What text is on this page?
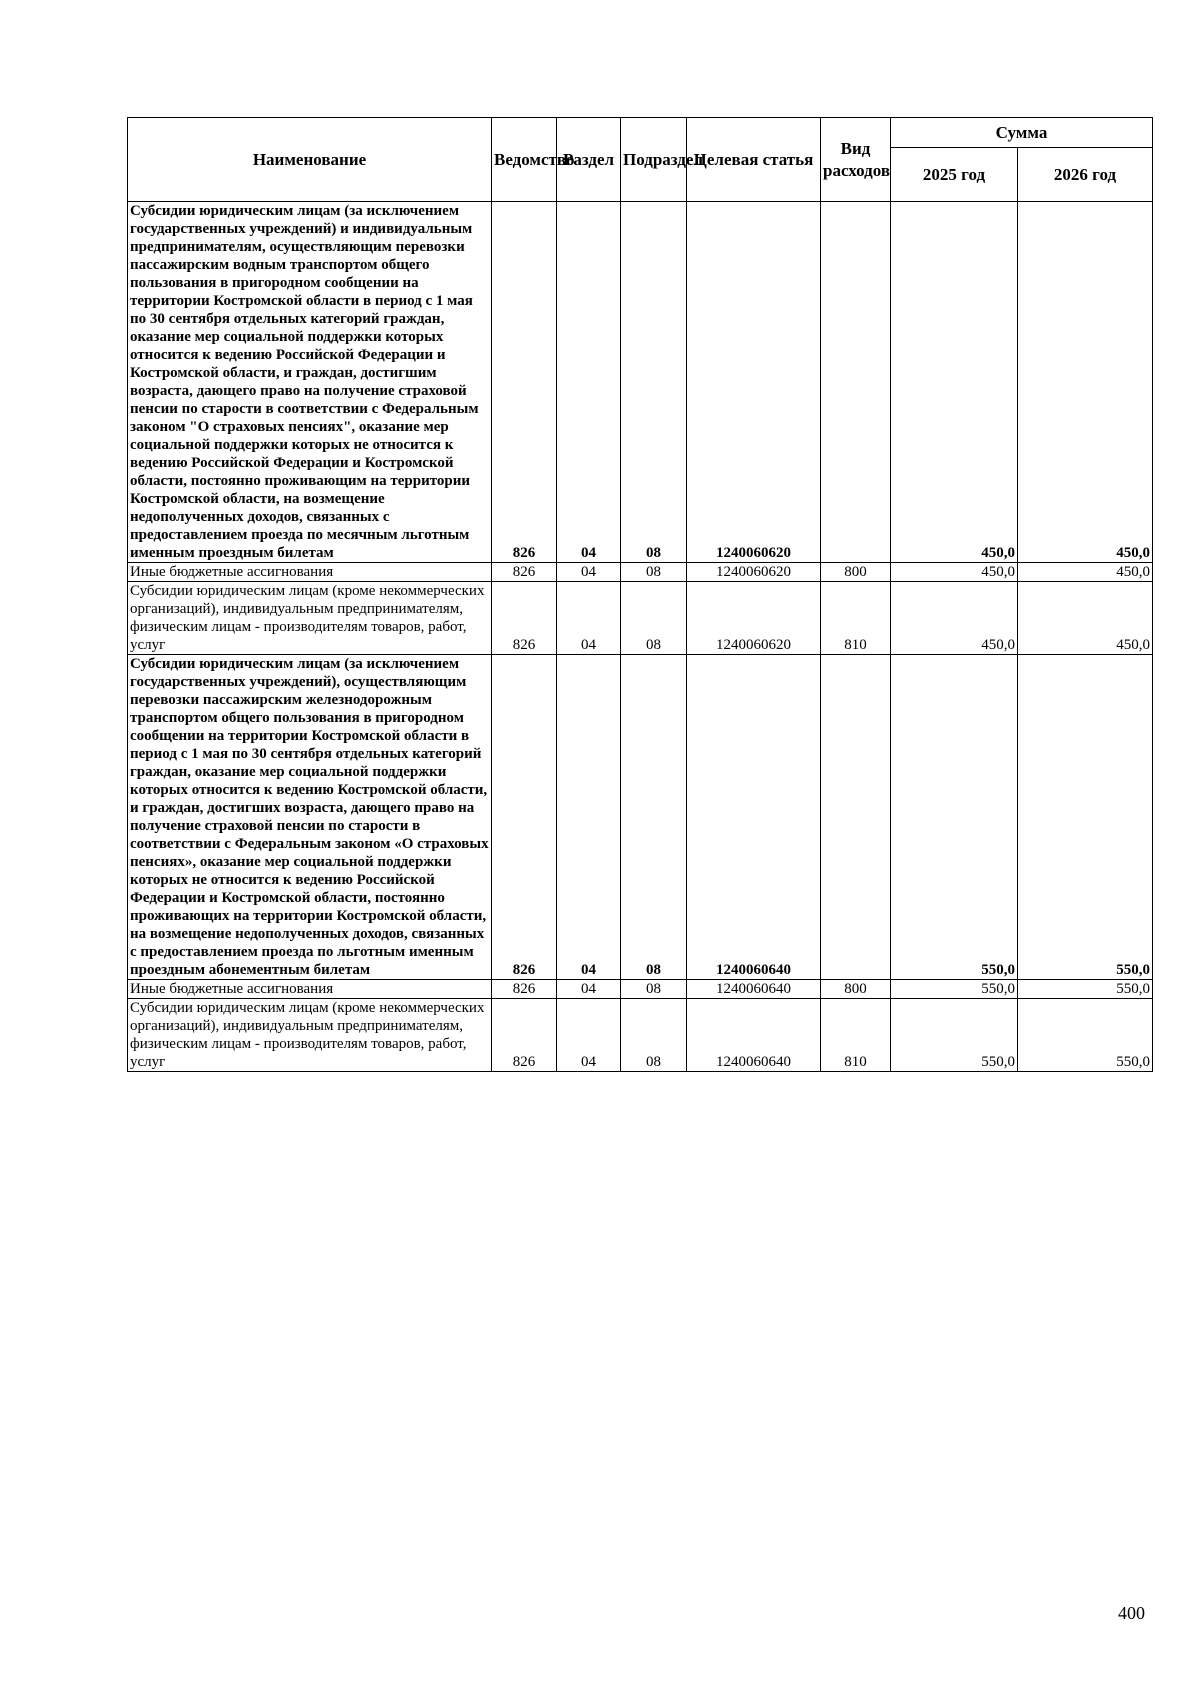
Наименование	Ведомство	Раздел	Подраздел	Целевая статья	Вид расходов	Сумма	
						2025 год	2026 год
Субсидии юридическим лицам (за исключением государственных учреждений) и индивидуальным предпринимателям, осуществляющим перевозки пассажирским водным транспортом общего пользования в пригородном сообщении на территории Костромской области в период с 1 мая по 30 сентября отдельных категорий граждан, оказание мер социальной поддержки которых относится к ведению Российской Федерации и Костромской области, и граждан, достигшим возраста, дающего право на получение страховой пенсии по старости в соответствии с Федеральным законом "О страховых пенсиях", оказание мер социальной поддержки которых не относится к ведению Российской Федерации и Костромской области, постоянно проживающим на территории Костромской области, на возмещение недополученных доходов, связанных с предоставлением проезда по месячным льготным именным проездным билетам	826	04	08	1240060620		450,0	450,0
Иные бюджетные ассигнования	826	04	08	1240060620	800	450,0	450,0
Субсидии юридическим лицам (кроме некоммерческих организаций), индивидуальным предпринимателям, физическим лицам - производителям товаров, работ, услуг	826	04	08	1240060620	810	450,0	450,0
Субсидии юридическим лицам (за исключением государственных учреждений), осуществляющим перевозки пассажирским железнодорожным транспортом общего пользования в пригородном сообщении на территории Костромской области в период с 1 мая по 30 сентября отдельных категорий граждан, оказание мер социальной поддержки которых относится к ведению Костромской области, и граждан, достигших возраста, дающего право на получение страховой пенсии по старости в соответствии с Федеральным законом «О страховых пенсиях», оказание мер социальной поддержки которых не относится к ведению Российской Федерации и Костромской области, постоянно проживающих на территории Костромской области, на возмещение недополученных доходов, связанных с предоставлением проезда по льготным именным проездным абонементным билетам	826	04	08	1240060640		550,0	550,0
Иные бюджетные ассигнования	826	04	08	1240060640	800	550,0	550,0
Субсидии юридическим лицам (кроме некоммерческих организаций), индивидуальным предпринимателям, физическим лицам - производителям товаров, работ, услуг	826	04	08	1240060640	810	550,0	550,0
400
